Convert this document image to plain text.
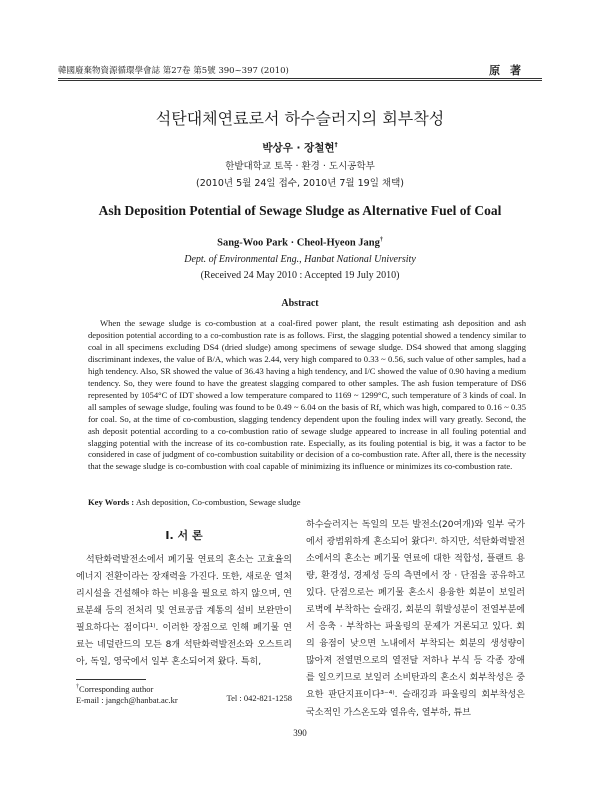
韓國廢棄物資源循環學會誌 第27卷 第5號 390~397 (2010)	原 著
석탄대체연료로서 하수슬러지의 회부착성
박상우 · 장철현†
한밭대학교 토목 · 환경 · 도시공학부
(2010년 5월 24일 접수, 2010년 7월 19일 채택)
Ash Deposition Potential of Sewage Sludge as Alternative Fuel of Coal
Sang-Woo Park · Cheol-Hyeon Jang†
Dept. of Environmental Eng., Hanbat National University
(Received 24 May 2010 : Accepted 19 July 2010)
Abstract
When the sewage sludge is co-combustion at a coal-fired power plant, the result estimating ash deposition and ash deposition potential according to a co-combustion rate is as follows. First, the slagging potential showed a tendency similar to coal in all specimens excluding DS4 (dried sludge) among specimens of sewage sludge. DS4 showed that among slagging discriminant indexes, the value of B/A, which was 2.44, very high compared to 0.33 ~ 0.56, such value of other samples, had a high tendency. Also, SR showed the value of 36.43 having a high tendency, and I/C showed the value of 0.90 having a medium tendency. So, they were found to have the greatest slagging compared to other samples. The ash fusion temperature of DS6 represented by 1054°C of IDT showed a low temperature compared to 1169 ~ 1299°C, such temperature of 3 kinds of coal. In all samples of sewage sludge, fouling was found to be 0.49 ~ 6.04 on the basis of Rf, which was high, compared to 0.16 ~ 0.35 for coal. So, at the time of co-combustion, slagging tendency dependent upon the fouling index will vary greatly. Second, the ash deposit potential according to a co-combustion ratio of sewage sludge appeared to increase in all fouling potential and slagging potential with the increase of its co-combustion rate. Especially, as its fouling potential is big, it was a factor to be considered in case of judgment of co-combustion suitability or decision of a co-combustion rate. After all, there is the necessity that the sewage sludge is co-combustion with coal capable of minimizing its influence or minimizes its co-combustion rate.
Key Words : Ash deposition, Co-combustion, Sewage sludge
I. 서 론
석탄화력발전소에서 폐기물 연료의 혼소는 고효율의 에너지 전환이라는 장재력을 가진다. 또한, 새로운 열처리시설을 건설해야 하는 비용을 필요로 하지 않으며, 연료분쇄 등의 전처리 및 연료공급 계통의 설비 보완만이 필요하다는 점이다¹⁾. 이러한 장점으로 인해 폐기물 연료는 네덜란드의 모든 8개 석탄화력발전소와 오스트리아, 독일, 영국에서 일부 혼소되어져 왔다. 특히,
하수슬러지는 독일의 모든 발전소(20여개)와 일부 국가에서 광범위하게 혼소되어 왔다²⁾. 하지만, 석탄화력발전소에서의 혼소는 폐기물 연료에 대한 적합성, 플랜트 용량, 환경성, 경제성 등의 측면에서 장 · 단점을 공유하고 있다. 단점으로는 폐기물 혼소시 용융한 회분이 보일러 로벽에 부착하는 슬래깅, 회분의 휘발성분이 전열부분에서 응축 · 부착하는 파울링의 문제가 거론되고 있다. 회의 융점이 낮으면 노내에서 부착되는 회분의 생성량이 많아져 전열면으로의 열전달 저하나 부식 등 각종 장애를 일으키므로 보일러 소비탄과의 혼소시 회부착성은 중요한 판단지표이다³⁻⁴⁾. 슬래깅과 파울링의 회부착성은 국소적인 가스온도와 열유속, 열부하, 튜브
†Corresponding author
E-mail : jangch@hanbat.ac.kr	Tel : 042-821-1258
390
